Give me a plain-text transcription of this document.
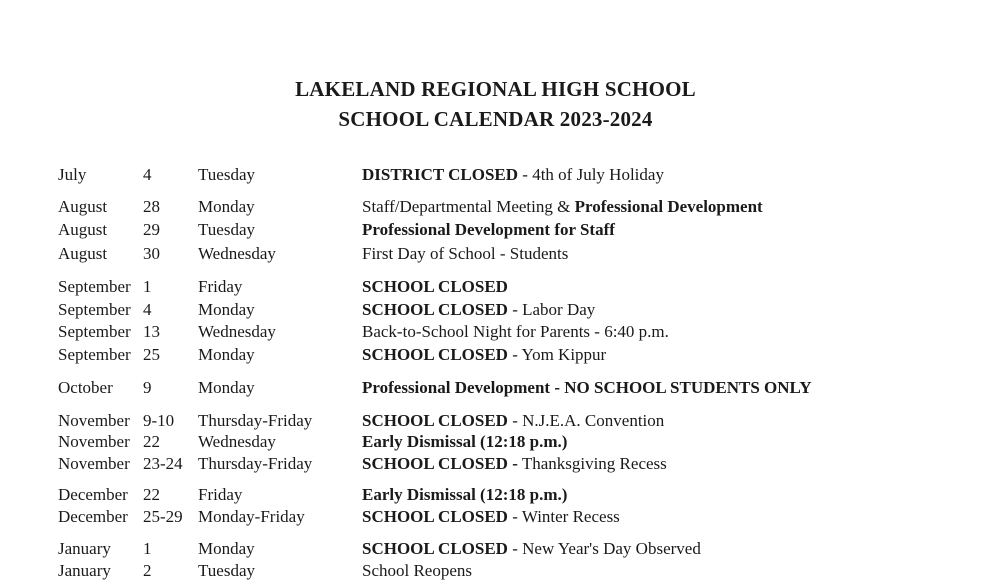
LAKELAND REGIONAL HIGH SCHOOL
SCHOOL CALENDAR 2023-2024
July	4	Tuesday	DISTRICT CLOSED - 4th of July Holiday
August 28 Monday	Staff/Departmental Meeting & Professional Development
August 29 Tuesday	Professional Development for Staff
August 30 Wednesday	First Day of School - Students
September 1	Friday	SCHOOL CLOSED
September 4	Monday	SCHOOL CLOSED - Labor Day
September 13 Wednesday	Back-to-School Night for Parents - 6:40 p.m.
September 25 Monday	SCHOOL CLOSED - Yom Kippur
October 9	Monday	Professional Development - NO SCHOOL STUDENTS ONLY
November 9-10 Thursday-Friday	SCHOOL CLOSED - N.J.E.A. Convention
November 22 Wednesday	Early Dismissal (12:18 p.m.)
November 23-24 Thursday-Friday	SCHOOL CLOSED - Thanksgiving Recess
December 22 Friday	Early Dismissal (12:18 p.m.)
December 25-29 Monday-Friday	SCHOOL CLOSED - Winter Recess
January 1	Monday	SCHOOL CLOSED - New Year's Day Observed
January 2	Tuesday	School Reopens
